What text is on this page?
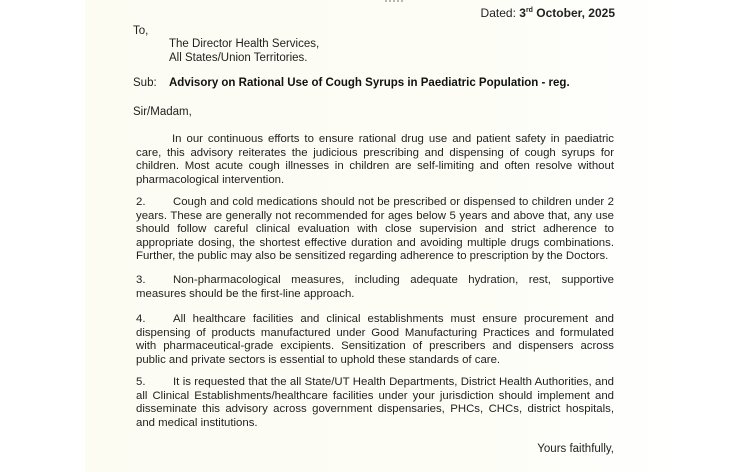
Dated: 3rd October, 2025
To,
The Director Health Services,
All States/Union Territories.
Sub: Advisory on Rational Use of Cough Syrups in Paediatric Population - reg.
Sir/Madam,
In our continuous efforts to ensure rational drug use and patient safety in paediatric care, this advisory reiterates the judicious prescribing and dispensing of cough syrups for children. Most acute cough illnesses in children are self-limiting and often resolve without pharmacological intervention.
2. Cough and cold medications should not be prescribed or dispensed to children under 2 years. These are generally not recommended for ages below 5 years and above that, any use should follow careful clinical evaluation with close supervision and strict adherence to appropriate dosing, the shortest effective duration and avoiding multiple drugs combinations. Further, the public may also be sensitized regarding adherence to prescription by the Doctors.
3. Non-pharmacological measures, including adequate hydration, rest, supportive measures should be the first-line approach.
4. All healthcare facilities and clinical establishments must ensure procurement and dispensing of products manufactured under Good Manufacturing Practices and formulated with pharmaceutical-grade excipients. Sensitization of prescribers and dispensers across public and private sectors is essential to uphold these standards of care.
5. It is requested that the all State/UT Health Departments, District Health Authorities, and all Clinical Establishments/healthcare facilities under your jurisdiction should implement and disseminate this advisory across government dispensaries, PHCs, CHCs, district hospitals, and medical institutions.
Yours faithfully,
